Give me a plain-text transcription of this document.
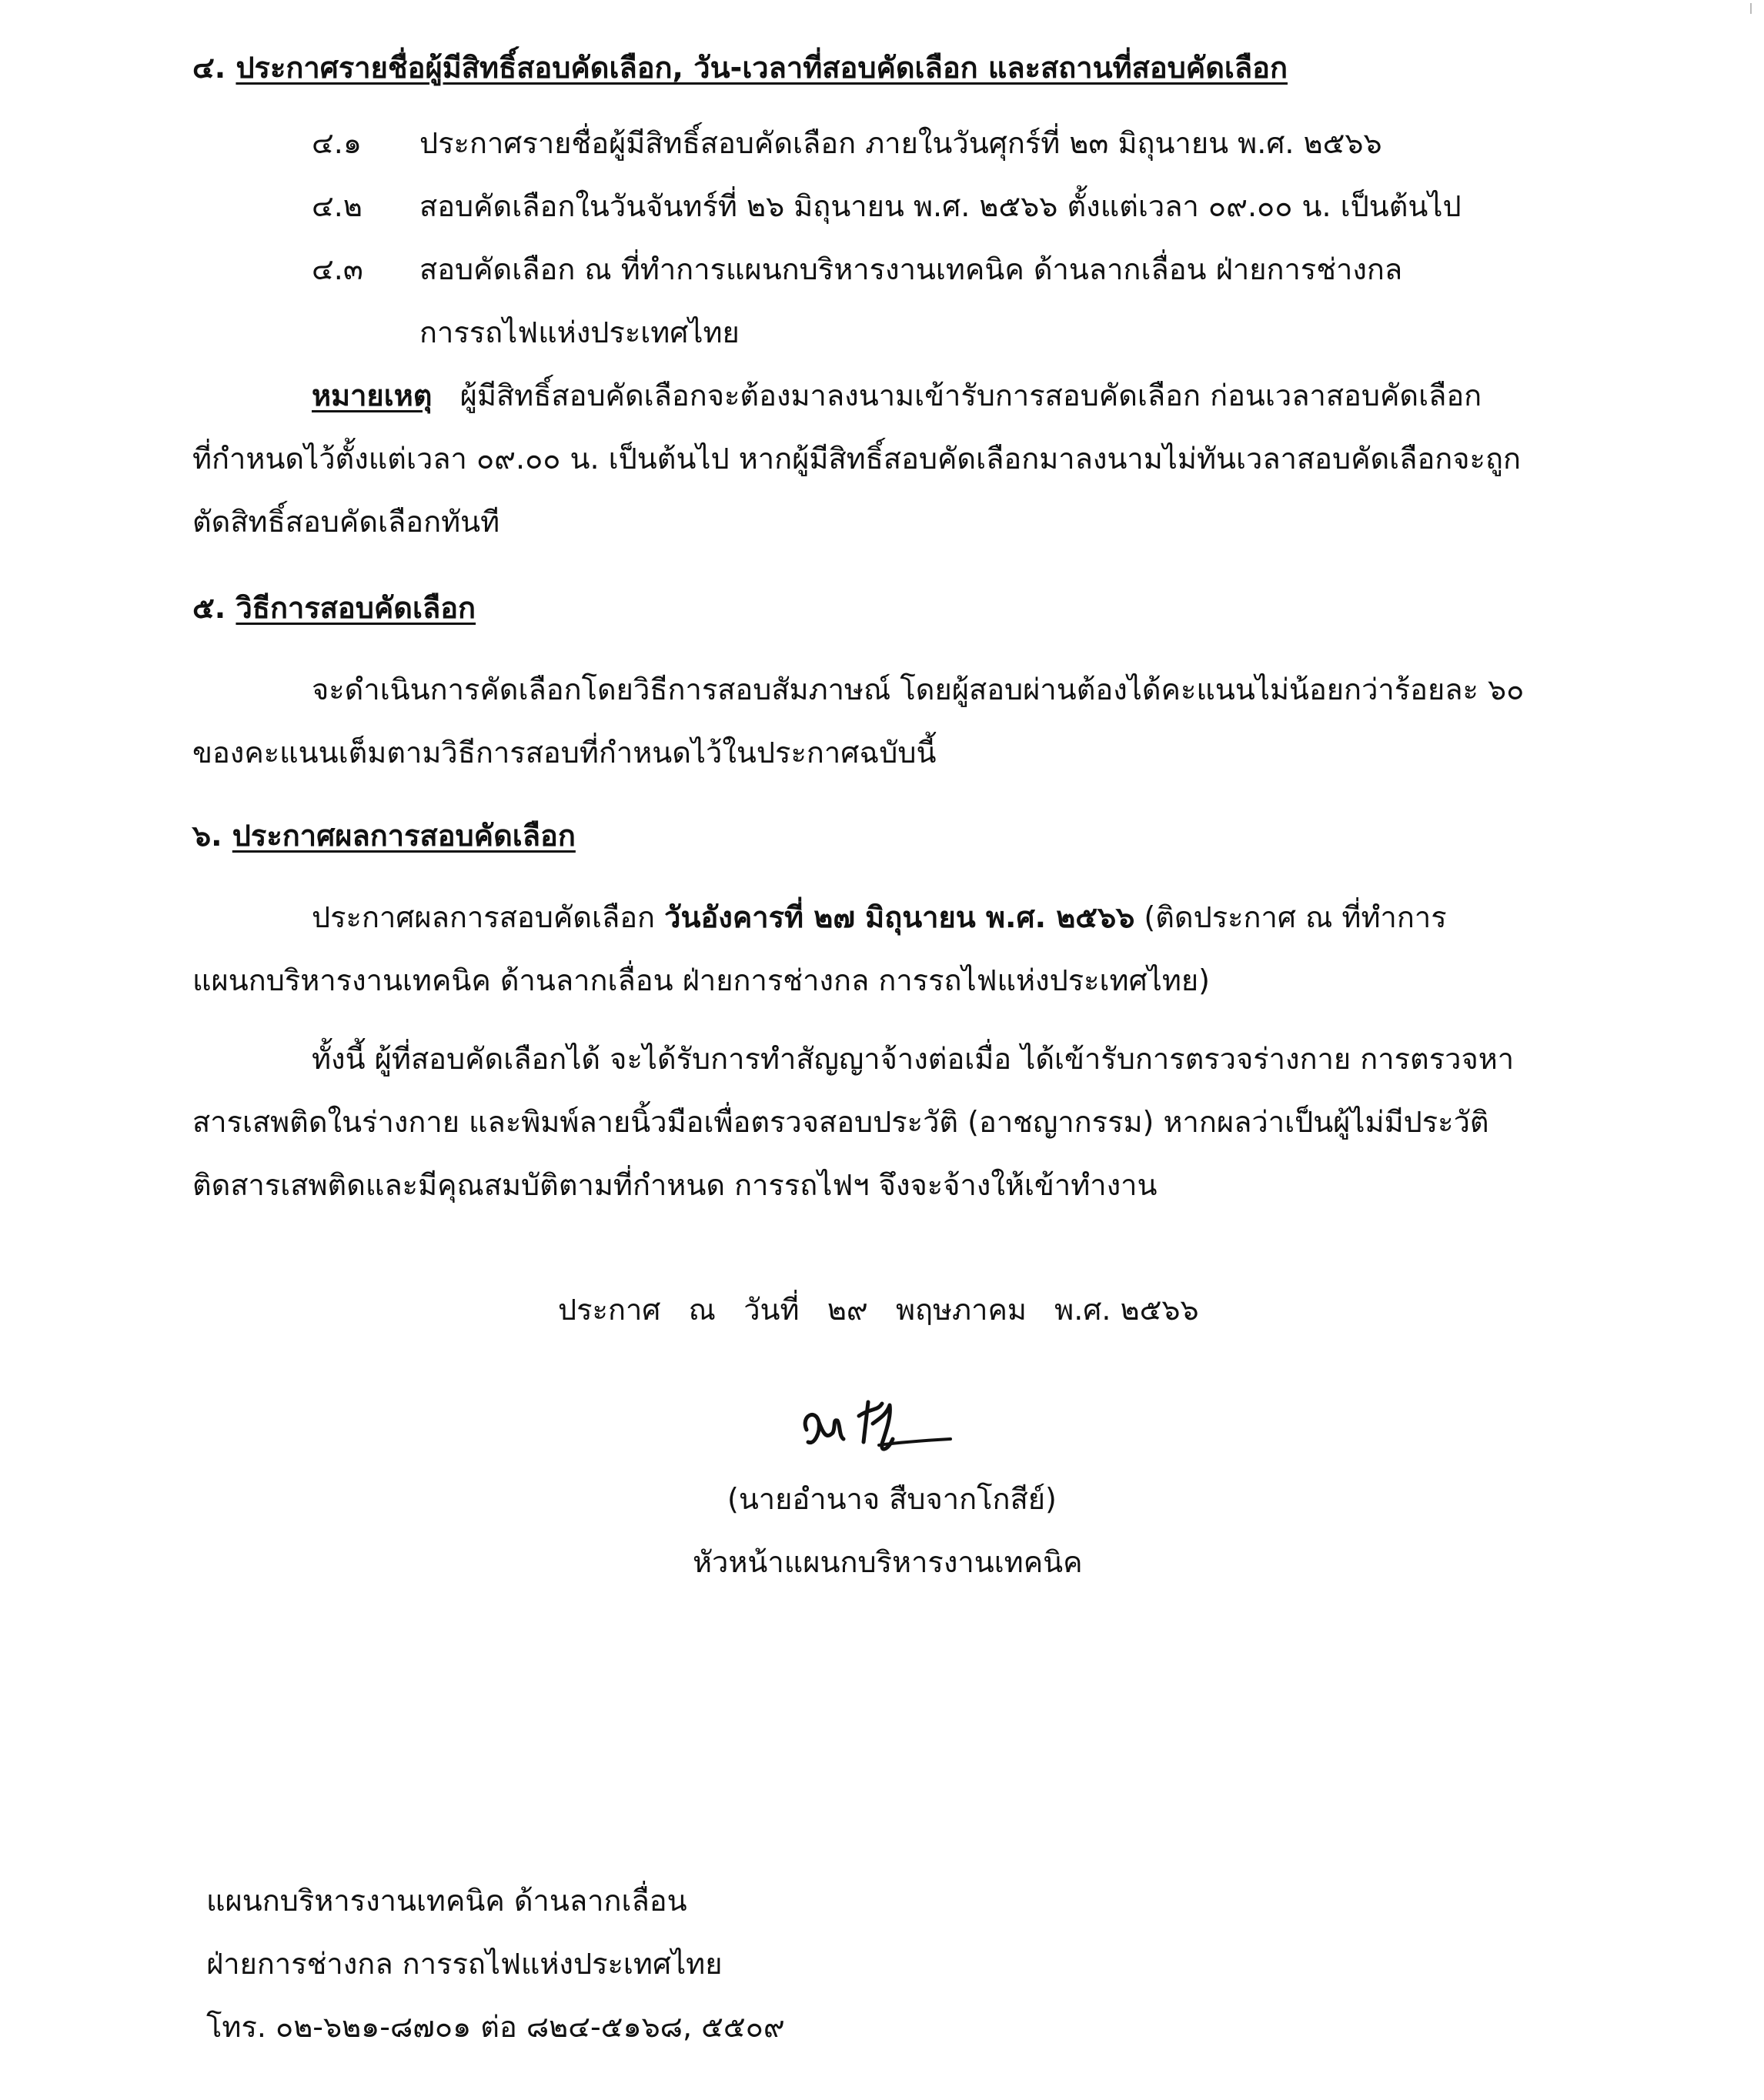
๔. ประกาศรายชื่อผู้มีสิทธิ์สอบคัดเลือก, วัน-เวลาที่สอบคัดเลือก และสถานที่สอบคัดเลือก
๔.๑ ประกาศรายชื่อผู้มีสิทธิ์สอบคัดเลือก ภายในวันศุกร์ที่ ๒๓ มิถุนายน พ.ศ. ๒๕๖๖
๔.๒ สอบคัดเลือกในวันจันทร์ที่ ๒๖ มิถุนายน พ.ศ. ๒๕๖๖ ตั้งแต่เวลา ๐๙.๐๐ น. เป็นต้นไป
๔.๓ สอบคัดเลือก ณ ที่ทำการแผนกบริหารงานเทคนิค ด้านลากเลื่อน ฝ่ายการช่างกล
การรถไฟแห่งประเทศไทย
หมายเหตุ ผู้มีสิทธิ์สอบคัดเลือกจะต้องมาลงนามเข้ารับการสอบคัดเลือก ก่อนเวลาสอบคัดเลือก
ที่กำหนดไว้ตั้งแต่เวลา ๐๙.๐๐ น. เป็นต้นไป หากผู้มีสิทธิ์สอบคัดเลือกมาลงนามไม่ทันเวลาสอบคัดเลือกจะถูก
ตัดสิทธิ์สอบคัดเลือกทันที
๕. วิธีการสอบคัดเลือก
จะดำเนินการคัดเลือกโดยวิธีการสอบสัมภาษณ์ โดยผู้สอบผ่านต้องได้คะแนนไม่น้อยกว่าร้อยละ ๖๐
ของคะแนนเต็มตามวิธีการสอบที่กำหนดไว้ในประกาศฉบับนี้
๖. ประกาศผลการสอบคัดเลือก
ประกาศผลการสอบคัดเลือก วันอังคารที่ ๒๗ มิถุนายน พ.ศ. ๒๕๖๖ (ติดประกาศ ณ ที่ทำการ
แผนกบริหารงานเทคนิค ด้านลากเลื่อน ฝ่ายการช่างกล การรถไฟแห่งประเทศไทย)
ทั้งนี้ ผู้ที่สอบคัดเลือกได้ จะได้รับการทำสัญญาจ้างต่อเมื่อ ได้เข้ารับการตรวจร่างกาย การตรวจหา
สารเสพติดในร่างกาย และพิมพ์ลายนิ้วมือเพื่อตรวจสอบประวัติ (อาชญากรรม) หากผลว่าเป็นผู้ไม่มีประวัติ
ติดสารเสพติดและมีคุณสมบัติตามที่กำหนด การรถไฟฯ จึงจะจ้างให้เข้าทำงาน
ประกาศ ณ วันที่ ๒๙ พฤษภาคม พ.ศ. ๒๕๖๖
(นายอำนาจ สืบจากโกสีย์)
หัวหน้าแผนกบริหารงานเทคนิค
แผนกบริหารงานเทคนิค ด้านลากเลื่อน
ฝ่ายการช่างกล การรถไฟแห่งประเทศไทย
โทร. ๐๒-๖๒๑-๘๗๐๑ ต่อ ๘๒๔-๕๑๖๘, ๕๕๐๙
